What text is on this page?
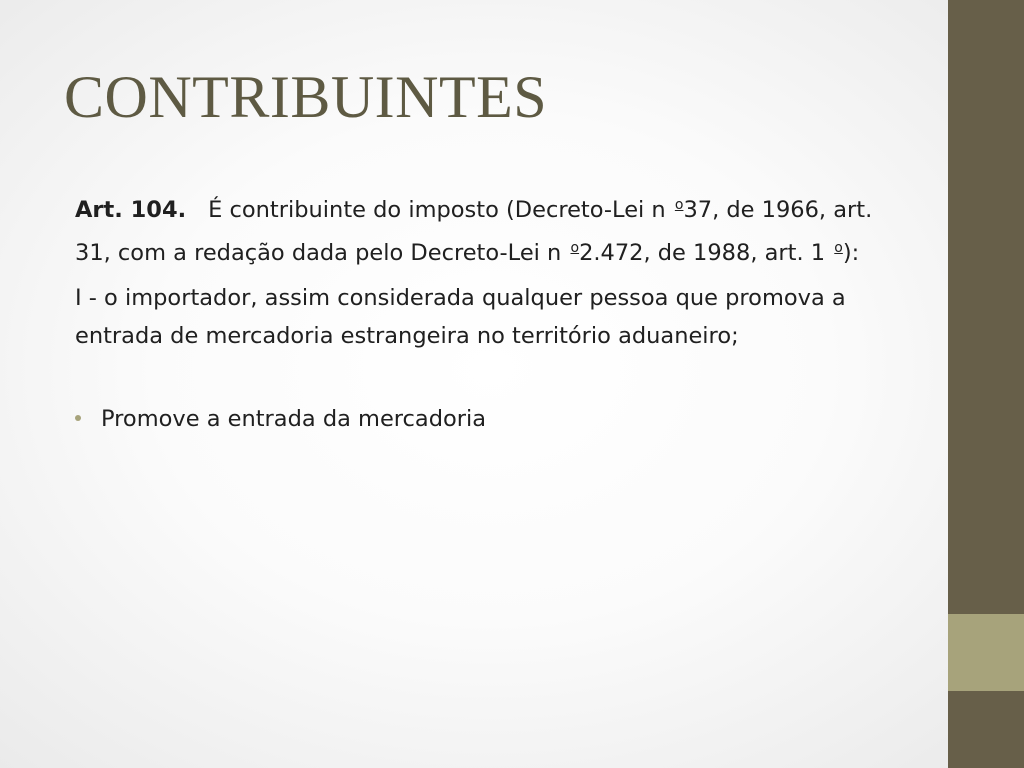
CONTRIBUINTES

Art. 104. É contribuinte do imposto (Decreto-Lei n $^o$37, de 1966, art. 31, com a redação dada pelo Decreto-Lei n $^o$2.472, de 1988, art. 1 $^o$):

I - o importador, assim considerada qualquer pessoa que promova a entrada de mercadoria estrangeira no território aduaneiro;

Promove a entrada da mercadoria
